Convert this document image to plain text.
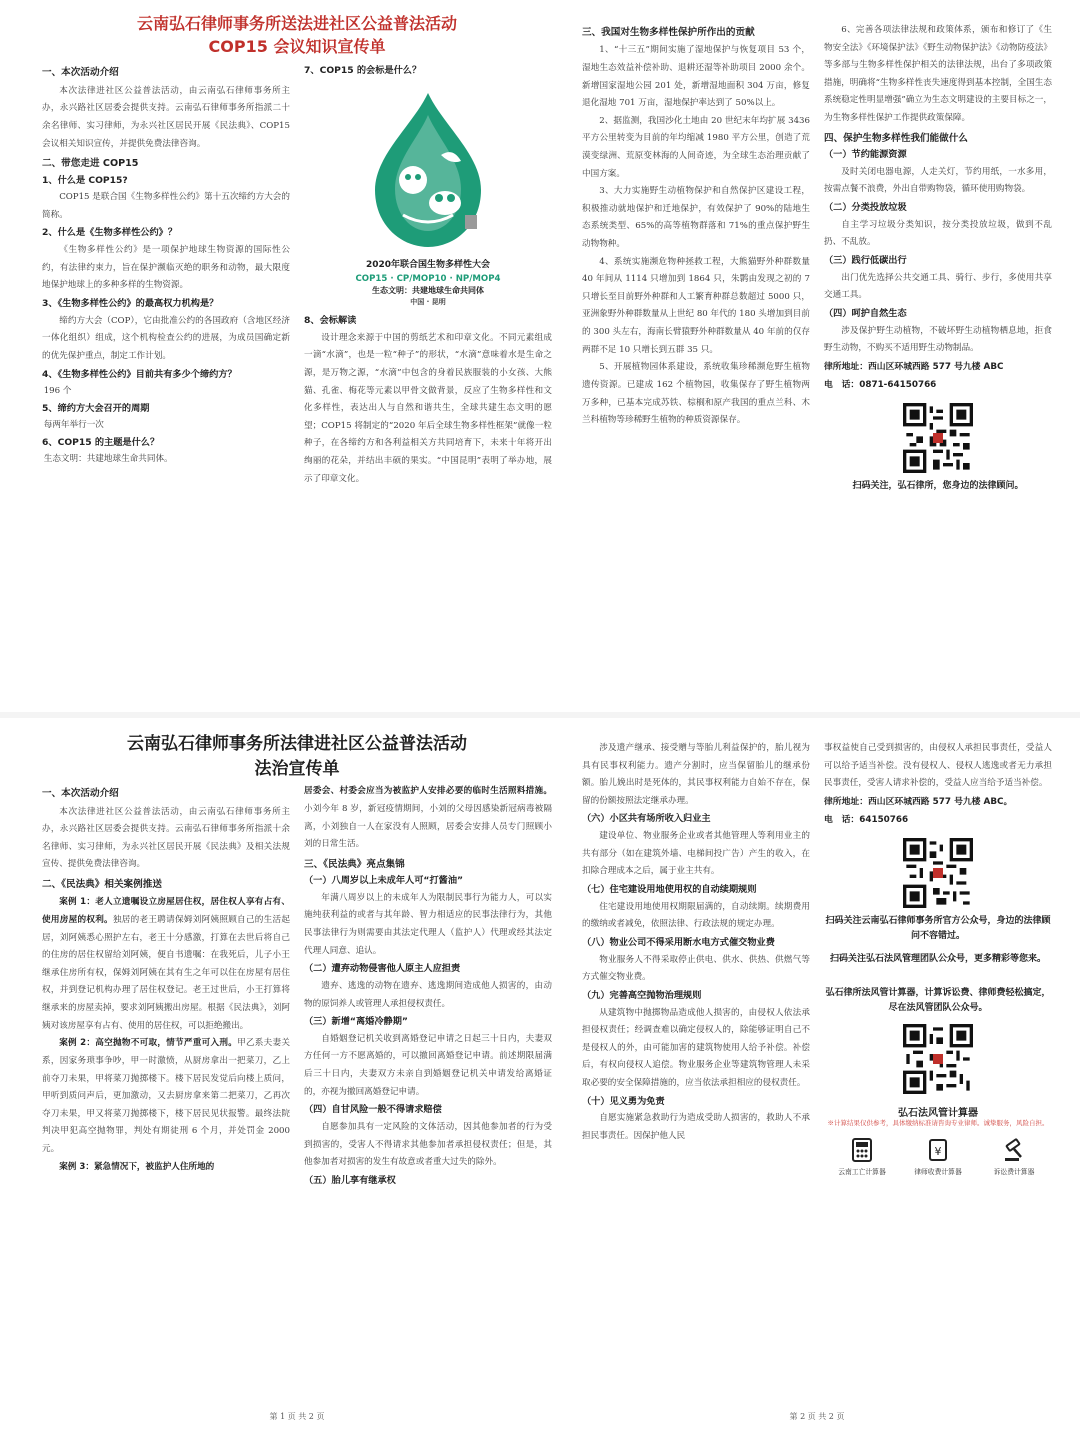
云南弘石律师事务所送法进社区公益普法活动
COP15 会议知识宣传单
一、本次活动介绍

本次法律进社区公益普法活动，由云南弘石律师事务所主办，永兴路社区居委会提供支持。云南弘石律师事务所指派二十余名律师、实习律师，为永兴社区居民开展《民法典》、COP15 会议相关知识宣传，并提供免费法律咨询。

二、带您走进 COP15
1、什么是 COP15?

COP15 是联合国《生物多样性公约》第十五次缔约方大会的简称。

2、什么是《生物多样性公约》？

《生物多样性公约》是一项保护地球生物资源的国际性公约，有法律约束力，旨在保护濒临灭绝的职务和动物，最大限度地保护地球上的多种多样的生物资源。

3、《生物多样性公约》的最高权力机构是？

缔约方大会（COP），它由批准公约的各国政府（含地区经济一体化组织）组成，这个机构检查公约的进展，为成员国确定新的优先保护重点，制定工作计划。

4、《生物多样性公约》目前共有多少个缔约方？

196 个

5、缔约方大会召开的周期

每两年举行一次

6、COP15 的主题是什么？

生态文明：共建地球生命共同体。

7、COP15 的会标是什么？
2020年联合国生物多样性大会
COP15 · CP/MOP10 · NP/MOP4
生态文明：共建地球生命共同体
中国 · 昆明
8、会标解读

设计理念来源于中国的剪纸艺术和印章文化。不同元素组成一滴“水滴”，也是一粒“种子”的形状，“水滴”意味着水是生命之源，是万物之源，“水滴”中包含的身着民族服装的小女孩、大熊猫、孔雀、梅花等元素以甲骨文做背景，反应了生物多样性和文化多样性，表达出人与自然和谐共生，全球共建生态文明的愿望；COP15 将制定的“2020 年后全球生物多样性框架”就像一粒种子，在各缔约方和各利益相关方共同培育下，未来十年将开出绚丽的花朵，并结出丰硕的果实。“中国昆明”表明了举办地，展示了印章文化。

三、我国对生物多样性保护所作出的贡献

1、“十三五”期间实施了湿地保护与恢复项目 53 个，湿地生态效益补偿补助、退耕还湿等补助项目 2000 余个。新增国家湿地公园 201 处，新增湿地面积 304 万亩，修复退化湿地 701 万亩，湿地保护率达到了 50%以上。

2、据监测，我国沙化土地由 20 世纪末年均扩展 3436 平方公里转变为目前的年均缩减 1980 平方公里，创造了荒漠变绿洲、荒原变林海的人间奇迹，为全球生态治理贡献了中国方案。

3、大力实施野生动植物保护和自然保护区建设工程，积极推动就地保护和迁地保护，有效保护了 90%的陆地生态系统类型、65%的高等植物群落和 71%的重点保护野生动物物种。

4、系统实施濒危物种拯救工程，大熊猫野外种群数量 40 年间从 1114 只增加到 1864 只，朱鹮由发现之初的 7 只增长至目前野外种群和人工繁育种群总数超过 5000 只，亚洲象野外种群数量从上世纪 80 年代的 180 头增加到目前的 300 头左右，海南长臂猿野外种群数量从 40 年前的仅存两群不足 10 只增长到五群 35 只。

5、开展植物园体系建设，系统收集珍稀濒危野生植物遗传资源。已建成 162 个植物园，收集保存了野生植物两万多种，已基本完成苏铁、棕榈和原产我国的重点兰科、木兰科植物等珍稀野生植物的种质资源保存。

6、完善各项法律法规和政策体系，颁布和修订了《生物安全法》《环境保护法》《野生动物保护法》《动物防疫法》等多部与生物多样性保护相关的法律法规，出台了多项政策措施，明确将“生物多样性丧失速度得到基本控制，全国生态系统稳定性明显增强”确立为生态文明建设的主要目标之一，为生物多样性保护工作提供政策保障。

四、保护生物多样性我们能做什么
（一）节约能源资源

及时关闭电器电源，人走关灯，节约用纸，一水多用，按需点餐不浪费，外出自带购物袋，循环使用购物袋。

（二）分类投放垃圾

自主学习垃圾分类知识，按分类投放垃圾，做到不乱扔、不乱放。

（三）践行低碳出行

出门优先选择公共交通工具、骑行、步行，多使用共享交通工具。

（四）呵护自然生态

涉及保护野生动植物，不破坏野生动植物栖息地，拒食野生动物，不购买不适用野生动物制品。

律所地址：西山区环城西路 577 号九楼 ABC
电　话：0871-64150766
扫码关注，弘石律所，您身边的法律顾问。
云南弘石律师事务所法律进社区公益普法活动
法治宣传单
一、本次活动介绍

本次法律进社区公益普法活动，由云南弘石律师事务所主办，永兴路社区居委会提供支持。云南弘石律师事务所指派十余名律师、实习律师，为永兴社区居民开展《民法典》及相关法规宣传、提供免费法律咨询。

二、《民法典》相关案例推送

案例 1：老人立遗嘱设立房屋居住权，居住权人享有占有、使用房屋的权利。独居的老王聘请保姆刘阿姨照顾自己的生活起居，刘阿姨悉心照护左右，老王十分感激，打算在去世后将自己的住房的居住权留给刘阿姨，便自书遗嘱：在我死后，儿子小王继承住房所有权，保姆刘阿姨在其有生之年可以住在房屋有居住权，并到登记机构办理了居住权登记。老王过世后，小王打算将继承来的房屋卖掉，要求刘阿姨搬出房屋。根据《民法典》，刘阿姨对该房屋享有占有、使用的居住权，可以拒绝搬出。

案例 2：高空抛物不可取，情节严重可入刑。甲乙系夫妻关系，因家务琐事争吵，甲一时激愤，从厨房拿出一把菜刀，乙上前夺刀未果，甲将菜刀抛掷楼下。楼下居民发觉后向楼上质问，甲听到质问声后，更加激动，又去厨房拿来第二把菜刀，乙再次夺刀未果，甲又将菜刀抛掷楼下，楼下居民见状报警。最终法院判决甲犯高空抛物罪，判处有期徒刑 6 个月，并处罚金 2000 元。

案例 3：紧急情况下，被监护人住所地的

居委会、村委会应当为被监护人安排必要的临时生活照料措施。小刘今年 8 岁，新冠疫情期间，小刘的父母因感染新冠病毒被隔离，小刘独自一人在家没有人照顾，居委会安排人员专门照顾小刘的日常生活。

三、《民法典》亮点集锦
（一）八周岁以上未成年人可“打酱油”

年满八周岁以上的未成年人为限制民事行为能力人，可以实施纯获利益的或者与其年龄、智力相适应的民事法律行为，其他民事法律行为则需要由其法定代理人（监护人）代理或经其法定代理人同意、追认。

（二）遭弃动物侵害他人原主人应担责

遗弃、逃逸的动物在遗弃、逃逸期间造成他人损害的，由动物的原饲养人或管理人承担侵权责任。

（三）新增“离婚冷静期”

自婚姻登记机关收到离婚登记申请之日起三十日内，夫妻双方任何一方不愿离婚的，可以撤回离婚登记申请。前述期限届满后三十日内，夫妻双方未亲自到婚姻登记机关申请发给离婚证的，亦视为撤回离婚登记申请。

（四）自甘风险一般不得请求赔偿

自愿参加具有一定风险的文体活动，因其他参加者的行为受到损害的，受害人不得请求其他参加者承担侵权责任；但是，其他参加者对损害的发生有故意或者重大过失的除外。

（五）胎儿享有继承权
第 1 页 共 2 页

涉及遗产继承、接受赠与等胎儿利益保护的，胎儿视为具有民事权利能力。遗产分割时，应当保留胎儿的继承份额。胎儿娩出时是死体的，其民事权利能力自始不存在，保留的份额按照法定继承办理。

（六）小区共有场所收入归业主

建设单位、物业服务企业或者其他管理人等利用业主的共有部分（如在建筑外墙、电梯间投广告）产生的收入，在扣除合理成本之后，属于业主共有。

（七）住宅建设用地使用权的自动续期规则

住宅建设用地使用权期限届满的，自动续期。续期费用的缴纳或者减免，依照法律、行政法规的规定办理。

（八）物业公司不得采用断水电方式催交物业费

物业服务人不得采取停止供电、供水、供热、供燃气等方式催交物业费。

（九）完善高空抛物治理规则

从建筑物中抛掷物品造成他人损害的，由侵权人依法承担侵权责任；经调查难以确定侵权人的，除能够证明自己不是侵权人的外，由可能加害的建筑物使用人给予补偿。补偿后，有权向侵权人追偿。物业服务企业等建筑物管理人未采取必要的安全保障措施的，应当依法承担相应的侵权责任。

（十）见义勇为免责

自愿实施紧急救助行为造成受助人损害的，救助人不承担民事责任。因保护他人民

事权益使自己受到损害的，由侵权人承担民事责任，受益人可以给予适当补偿。没有侵权人、侵权人逃逸或者无力承担民事责任，受害人请求补偿的，受益人应当给予适当补偿。

律所地址：西山区环城西路 577 号九楼 ABC。
电　话：64150766
扫码关注云南弘石律师事务所官方公众号，身边的法律顾问不容错过。
扫码关注弘石法风管理团队公众号，更多精彩等您来。
弘石律所法风管计算器，计算诉讼费、律师费轻松搞定，尽在法风管团队公众号。
弘石法风管计算器
※计算结果仅供参考，具体缴纳标准请咨询专业律师。诚挚服务，风险自担。
云南工亡计算器
¥
律师收费计算器	诉讼费计算器
第 2 页 共 2 页
